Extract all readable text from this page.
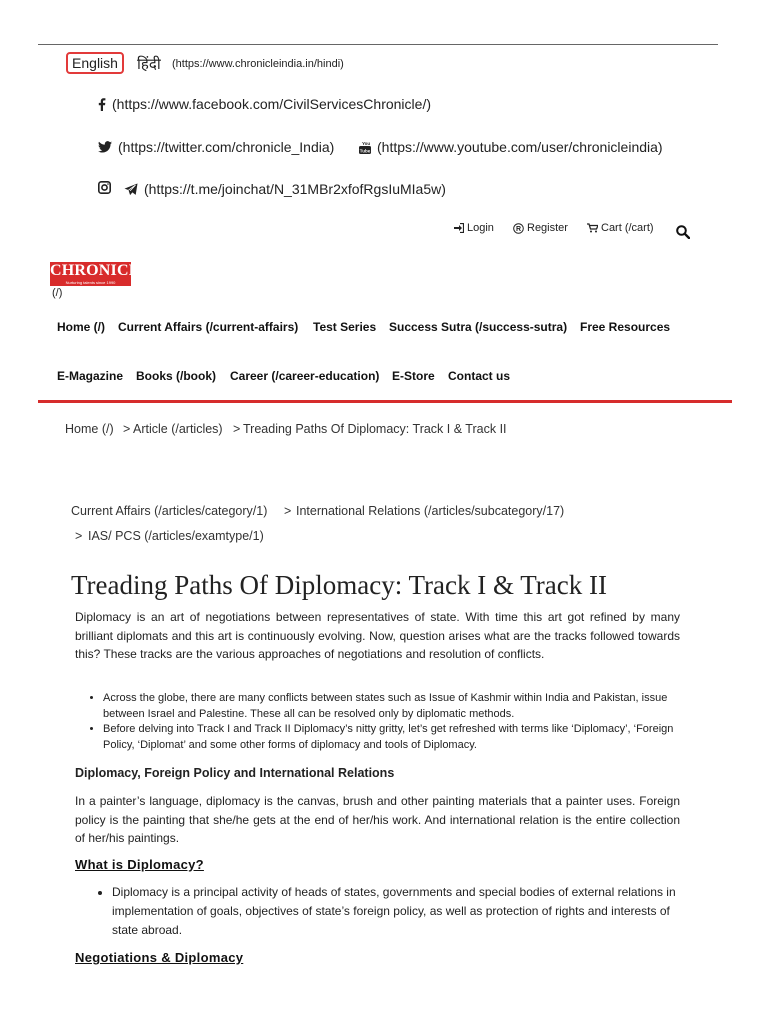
English	हिंदी (https://www.chronicleindia.in/hindi)
(https://www.facebook.com/CivilServicesChronicle/)
(https://twitter.com/chronicle_India)	Tube
You (https://www.youtube.com/user/chronicleindia)
(https://t.me/joinchat/N_31MBr2xfofRgsIuMIa5w)
Login	R Register	Cart (/cart)
CHRONICLE
Nurturing talents since 1990
(/)
Home (/) Current Affairs (/current-affairs) Test Series Success Sutra (/success-sutra) Free Resources
E-Magazine Books (/book) Career (/career-education) E-Store Contact us
Home (/) > Article (/articles) > Treading Paths Of Diplomacy: Track I & Track II
Current Affairs (/articles/category/1) > International Relations (/articles/subcategory/17)
> IAS/ PCS (/articles/examtype/1)
Treading Paths Of Diplomacy: Track I & Track II
Diplomacy is an art of negotiations between representatives of state. With time this art got refined by many brilliant diplomats and this art is continuously evolving. Now, question arises what are the tracks followed towards this? These tracks are the various approaches of negotiations and resolution of conflicts.
• Across the globe, there are many conflicts between states such as Issue of Kashmir within India and Pakistan, issue between Israel and Palestine. These all can be resolved only by diplomatic methods.
• Before delving into Track I and Track II Diplomacy’s nitty gritty, let’s get refreshed with terms like ‘Diplomacy’, ‘Foreign Policy, ‘Diplomat’ and some other forms of diplomacy and tools of Diplomacy.
Diplomacy, Foreign Policy and International Relations
In a painter’s language, diplomacy is the canvas, brush and other painting materials that a painter uses. Foreign policy is the painting that she/he gets at the end of her/his work. And international relation is the entire collection of her/his paintings.
What is Diplomacy?
• Diplomacy is a principal activity of heads of states, governments and special bodies of external relations in implementation of goals, objectives of state’s foreign policy, as well as protection of rights and interests of state abroad.
Negotiations & Diplomacy
